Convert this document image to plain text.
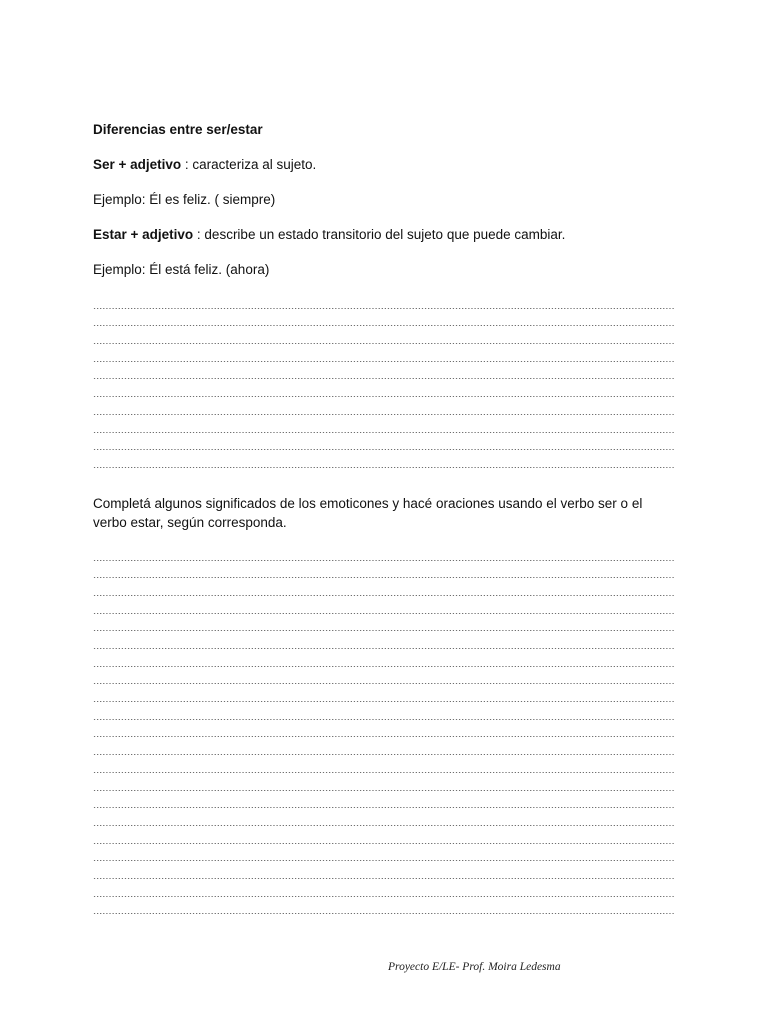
Diferencias entre ser/estar

Ser + adjetivo : caracteriza al sujeto.

Ejemplo: Él es feliz. ( siempre)

Estar + adjetivo : describe un estado transitorio del sujeto que puede cambiar.

Ejemplo: Él está feliz. (ahora)

Completá algunos significados de los emoticones y hacé oraciones usando el verbo ser o el verbo estar, según corresponda.

Proyecto E/LE- Prof. Moira Ledesma
